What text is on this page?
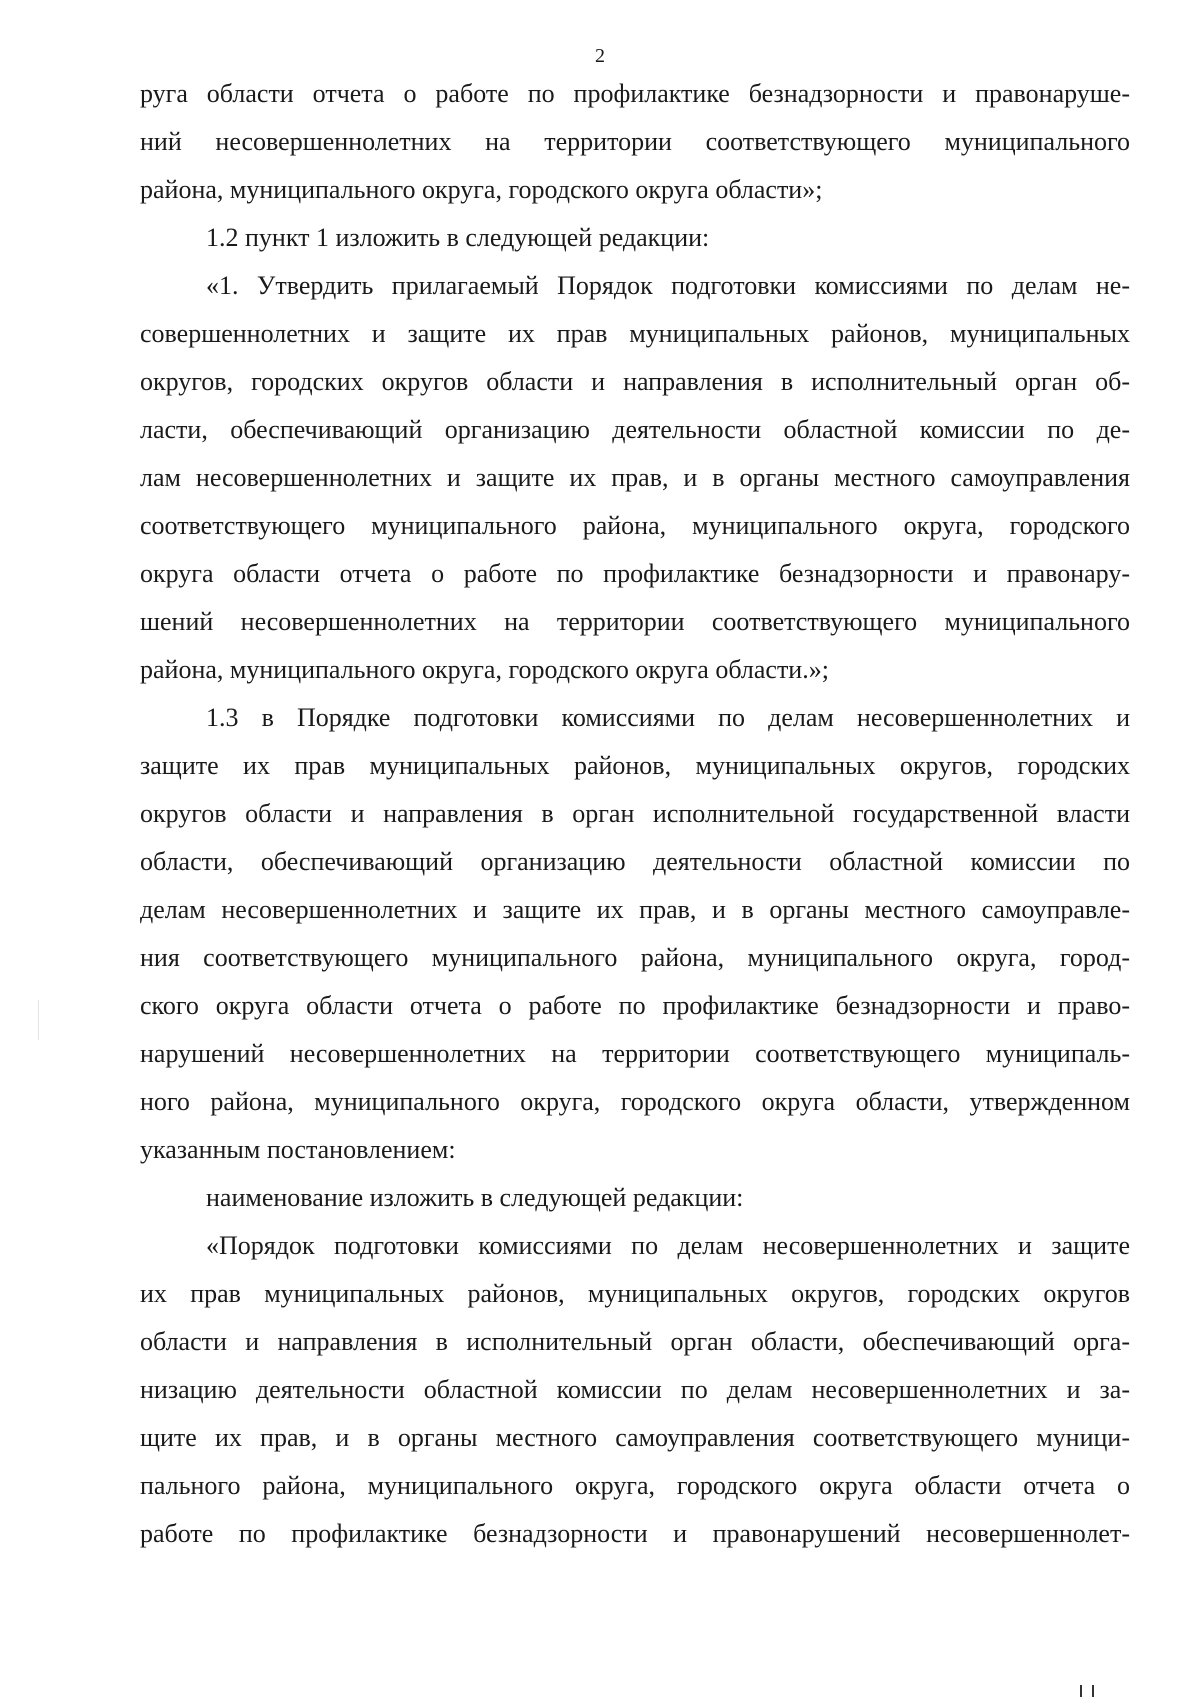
2
руга области отчета о работе по профилактике безнадзорности и правонаруше-
ний несовершеннолетних на территории соответствующего муниципального
района, муниципального округа, городского округа области»;
1.2 пункт 1 изложить в следующей редакции:
«1. Утвердить прилагаемый Порядок подготовки комиссиями по делам не-
совершеннолетних и защите их прав муниципальных районов, муниципальных
округов, городских округов области и направления в исполнительный орган об-
ласти, обеспечивающий организацию деятельности областной комиссии по де-
лам несовершеннолетних и защите их прав, и в органы местного самоуправления
соответствующего муниципального района, муниципального округа, городского
округа области отчета о работе по профилактике безнадзорности и правонару-
шений несовершеннолетних на территории соответствующего муниципального
района, муниципального округа, городского округа области.»;
1.3 в Порядке подготовки комиссиями по делам несовершеннолетних и
защите их прав муниципальных районов, муниципальных округов, городских
округов области и направления в орган исполнительной государственной власти
области, обеспечивающий организацию деятельности областной комиссии по
делам несовершеннолетних и защите их прав, и в органы местного самоуправле-
ния соответствующего муниципального района, муниципального округа, город-
ского округа области отчета о работе по профилактике безнадзорности и право-
нарушений несовершеннолетних на территории соответствующего муниципаль-
ного района, муниципального округа, городского округа области, утвержденном
указанным постановлением:
наименование изложить в следующей редакции:
«Порядок подготовки комиссиями по делам несовершеннолетних и защите
их прав муниципальных районов, муниципальных округов, городских округов
области и направления в исполнительный орган области, обеспечивающий орга-
низацию деятельности областной комиссии по делам несовершеннолетних и за-
щите их прав, и в органы местного самоуправления соответствующего муници-
пального района, муниципального округа, городского округа области отчета о
работе по профилактике безнадзорности и правонарушений несовершеннолет-
